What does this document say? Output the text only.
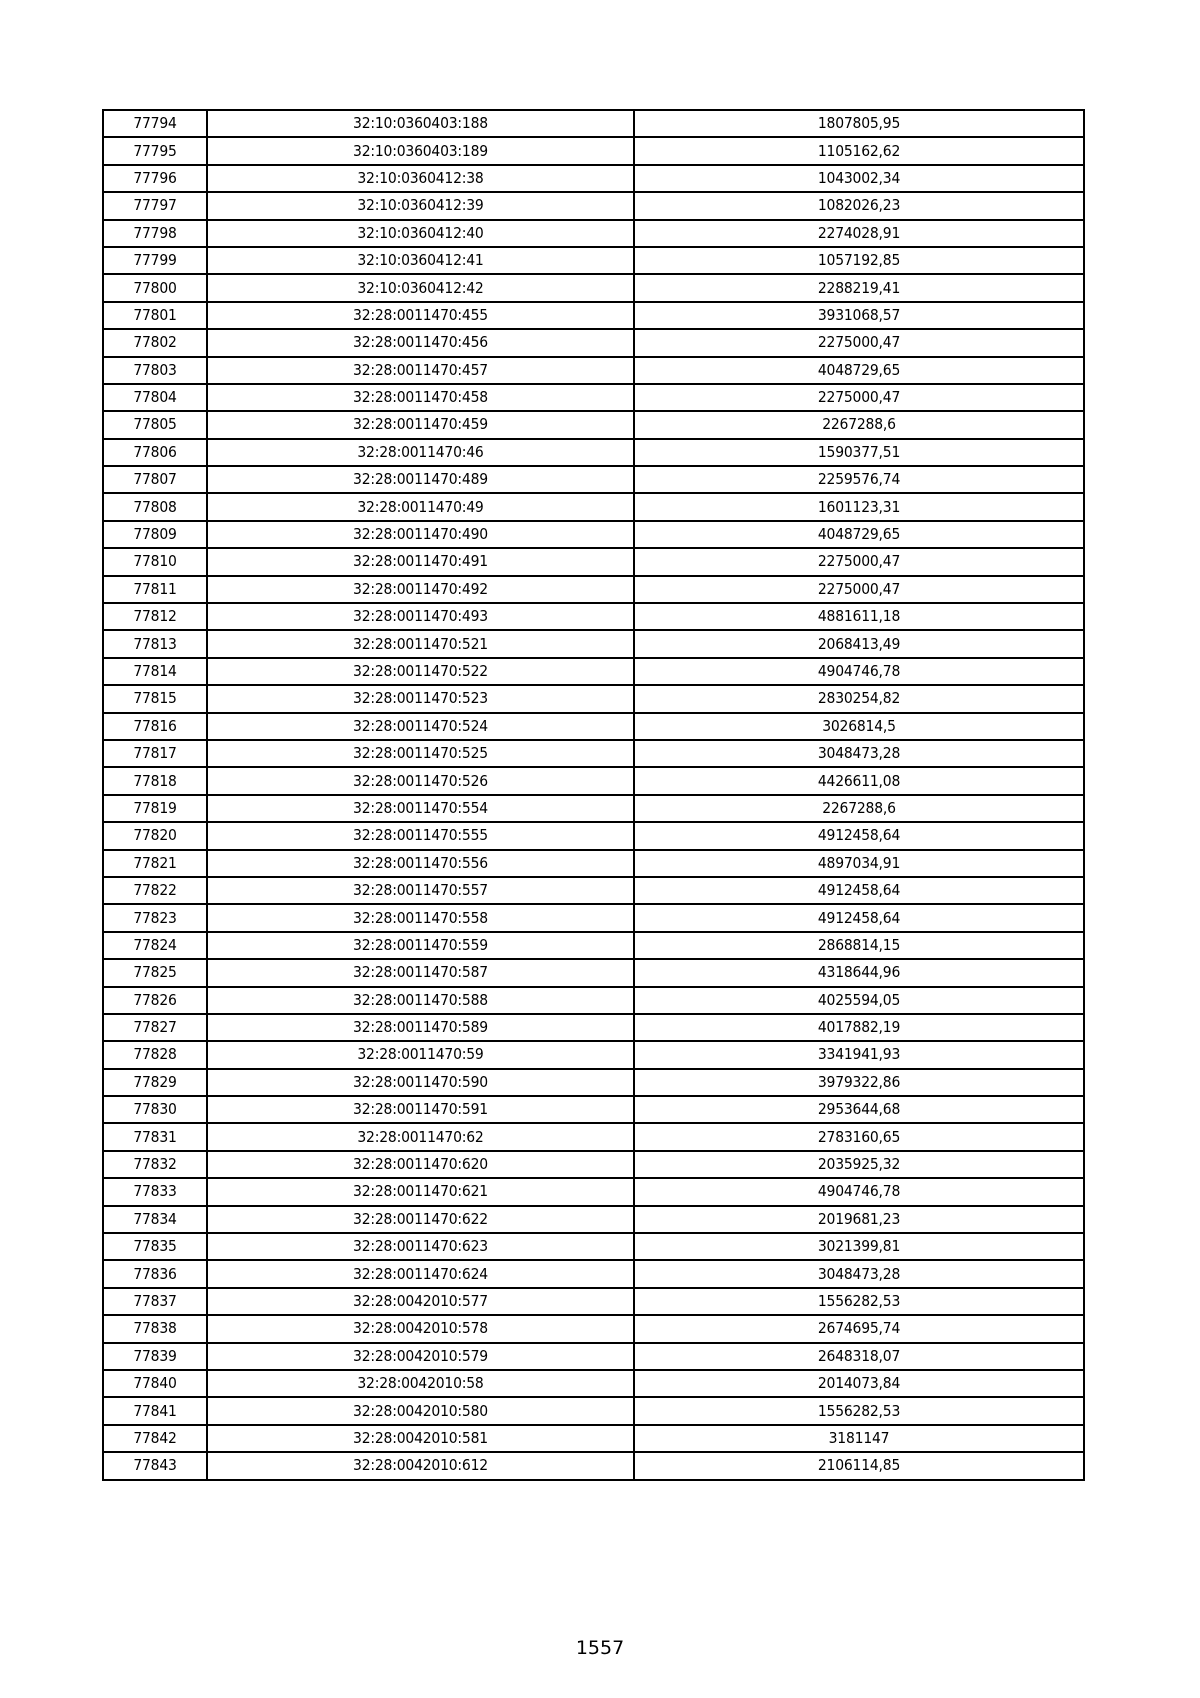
77794	32:10:0360403:188	1807805,95
77795	32:10:0360403:189	1105162,62
77796	32:10:0360412:38	1043002,34
77797	32:10:0360412:39	1082026,23
77798	32:10:0360412:40	2274028,91
77799	32:10:0360412:41	1057192,85
77800	32:10:0360412:42	2288219,41
77801	32:28:0011470:455	3931068,57
77802	32:28:0011470:456	2275000,47
77803	32:28:0011470:457	4048729,65
77804	32:28:0011470:458	2275000,47
77805	32:28:0011470:459	2267288,6
77806	32:28:0011470:46	1590377,51
77807	32:28:0011470:489	2259576,74
77808	32:28:0011470:49	1601123,31
77809	32:28:0011470:490	4048729,65
77810	32:28:0011470:491	2275000,47
77811	32:28:0011470:492	2275000,47
77812	32:28:0011470:493	4881611,18
77813	32:28:0011470:521	2068413,49
77814	32:28:0011470:522	4904746,78
77815	32:28:0011470:523	2830254,82
77816	32:28:0011470:524	3026814,5
77817	32:28:0011470:525	3048473,28
77818	32:28:0011470:526	4426611,08
77819	32:28:0011470:554	2267288,6
77820	32:28:0011470:555	4912458,64
77821	32:28:0011470:556	4897034,91
77822	32:28:0011470:557	4912458,64
77823	32:28:0011470:558	4912458,64
77824	32:28:0011470:559	2868814,15
77825	32:28:0011470:587	4318644,96
77826	32:28:0011470:588	4025594,05
77827	32:28:0011470:589	4017882,19
77828	32:28:0011470:59	3341941,93
77829	32:28:0011470:590	3979322,86
77830	32:28:0011470:591	2953644,68
77831	32:28:0011470:62	2783160,65
77832	32:28:0011470:620	2035925,32
77833	32:28:0011470:621	4904746,78
77834	32:28:0011470:622	2019681,23
77835	32:28:0011470:623	3021399,81
77836	32:28:0011470:624	3048473,28
77837	32:28:0042010:577	1556282,53
77838	32:28:0042010:578	2674695,74
77839	32:28:0042010:579	2648318,07
77840	32:28:0042010:58	2014073,84
77841	32:28:0042010:580	1556282,53
77842	32:28:0042010:581	3181147
77843	32:28:0042010:612	2106114,85
1557
